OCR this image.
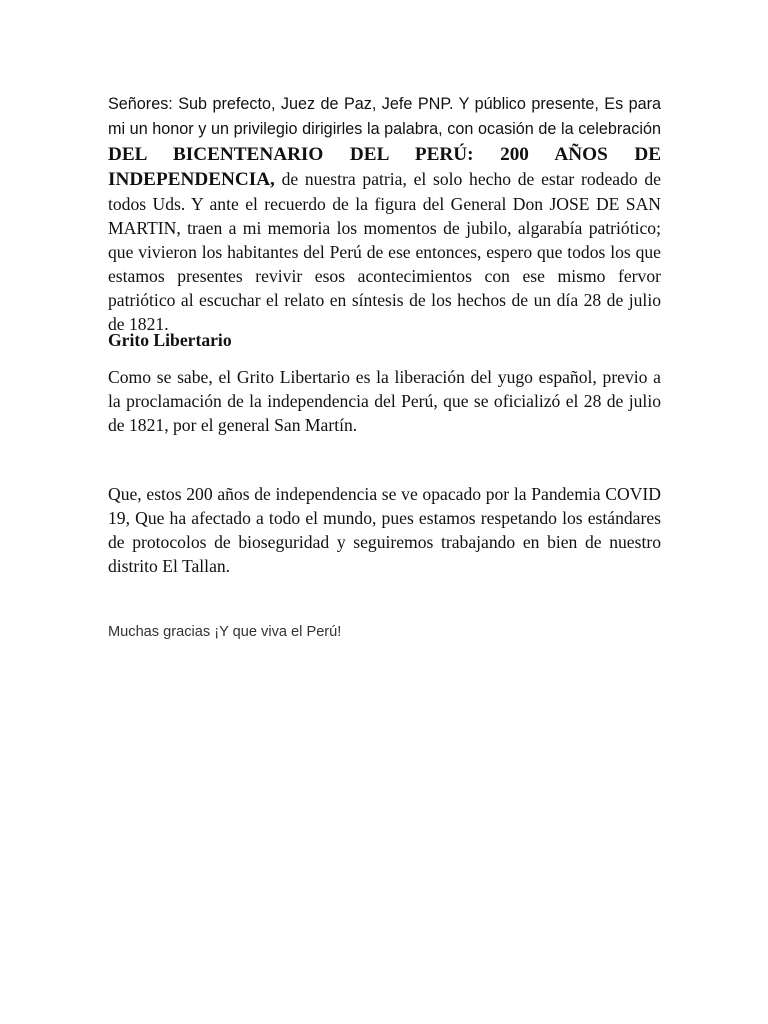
Señores: Sub prefecto, Juez de Paz, Jefe PNP. Y público presente, Es para mi un honor y un privilegio dirigirles la palabra, con ocasión de la celebración

DEL BICENTENARIO DEL PERÚ: 200 AÑOS DE INDEPENDENCIA, de nuestra patria, el solo hecho de estar rodeado de todos Uds. Y ante el recuerdo de la figura del General Don JOSE DE SAN MARTIN, traen a mi memoria los momentos de jubilo, algarabía patriótico; que vivieron los habitantes del Perú de ese entonces, espero que todos los que estamos presentes revivir esos acontecimientos con ese mismo fervor patriótico al escuchar el relato en síntesis de los hechos de un día 28 de julio de 1821.

Grito Libertario

Como se sabe, el Grito Libertario es la liberación del yugo español, previo a la proclamación de la independencia del Perú, que se oficializó el 28 de julio de 1821, por el general San Martín.

Que, estos 200 años de independencia se ve opacado por la Pandemia COVID 19, Que ha afectado a todo el mundo, pues estamos respetando los estándares de protocolos de bioseguridad y seguiremos trabajando en bien de nuestro distrito El Tallan.

Muchas gracias ¡Y que viva el Perú!
